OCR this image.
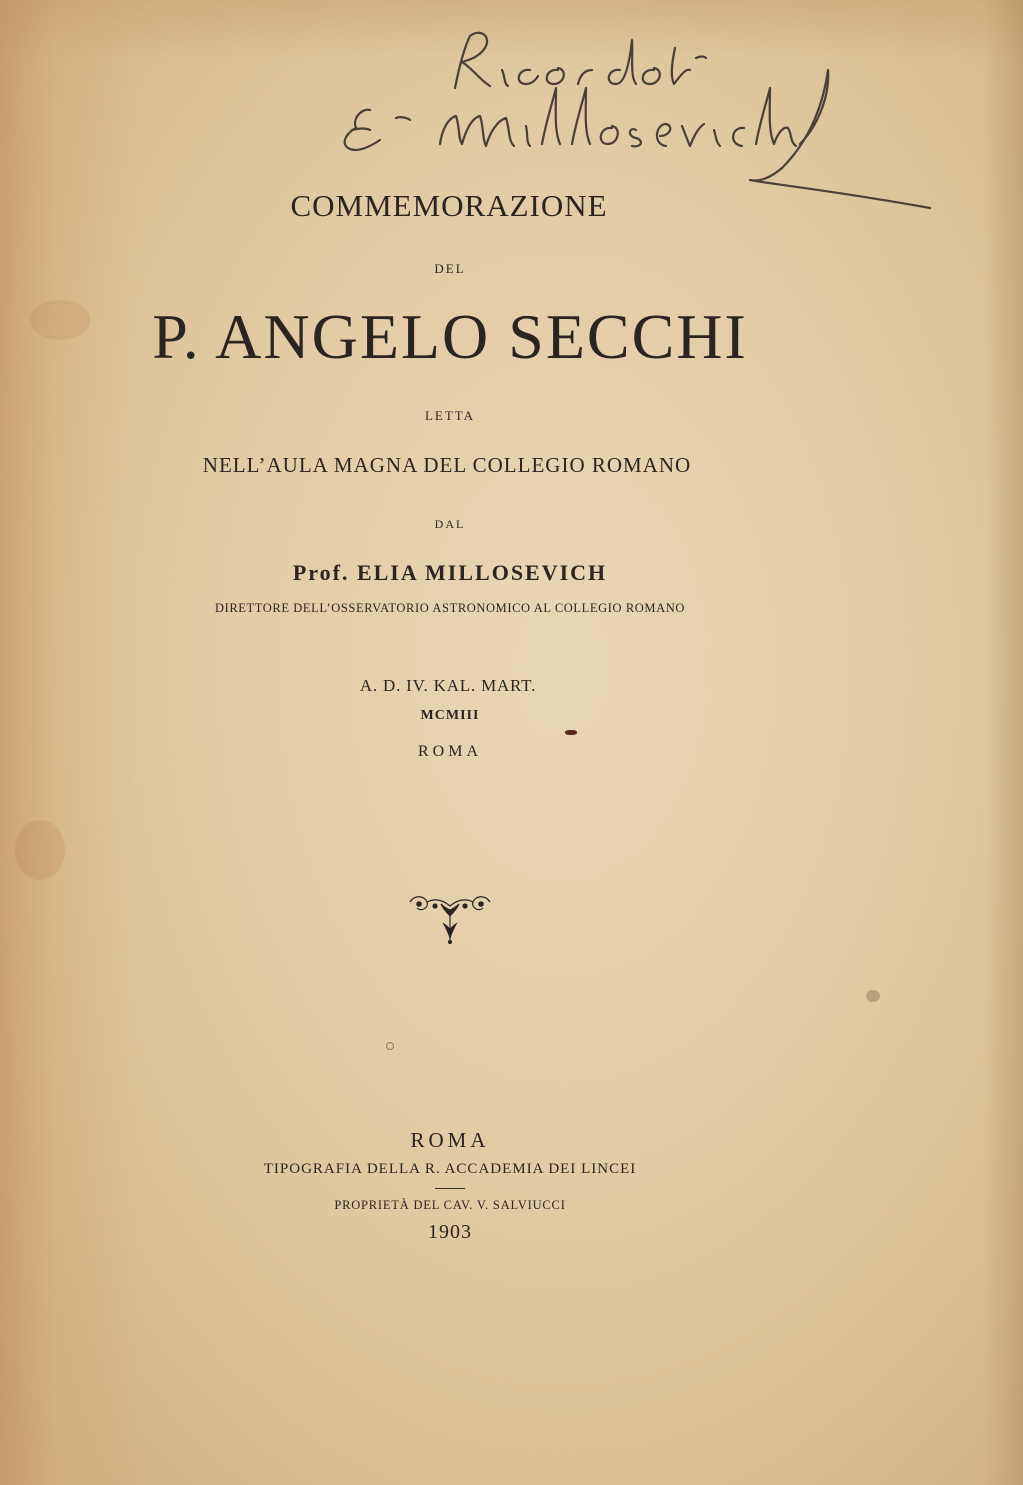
COMMEMORAZIONE
DEL
P. ANGELO SECCHI
LETTA
NELL’AULA MAGNA DEL COLLEGIO ROMANO
DAL
Prof. ELIA MILLOSEVICH
DIRETTORE DELL’OSSERVATORIO ASTRONOMICO AL COLLEGIO ROMANO
A. D. IV. KAL. MART.
MCMIII
ROMA
ROMA
TIPOGRAFIA DELLA R. ACCADEMIA DEI LINCEI
PROPRIETÀ DEL CAV. V. SALVIUCCI
1903
